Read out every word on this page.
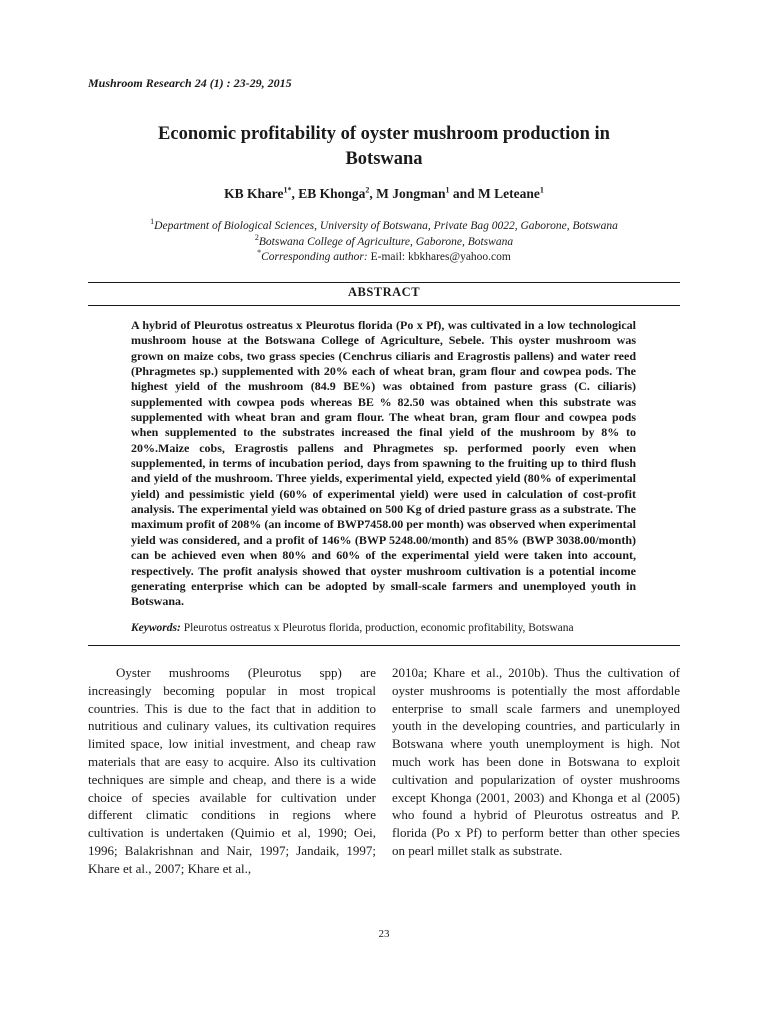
Mushroom Research 24 (1) : 23-29, 2015
Economic profitability of oyster mushroom production in
Botswana
KB Khare$^{1*}$, EB Khonga$^2$, M Jongman$^1$ and M Leteane$^1$
$^1$Department of Biological Sciences, University of Botswana, Private Bag 0022, Gaborone, Botswana
$^2$Botswana College of Agriculture, Gaborone, Botswana
*Corresponding author: E-mail: kbkhares@yahoo.com
ABSTRACT
A hybrid of Pleurotus ostreatus x Pleurotus florida (Po x Pf), was cultivated in a low technological mushroom house at the Botswana College of Agriculture, Sebele. This oyster mushroom was grown on maize cobs, two grass species (Cenchrus ciliaris and Eragrostis pallens) and water reed (Phragmetes sp.) supplemented with 20% each of wheat bran, gram flour and cowpea pods. The highest yield of the mushroom (84.9 BE%) was obtained from pasture grass (C. ciliaris) supplemented with cowpea pods whereas BE % 82.50 was obtained when this substrate was supplemented with wheat bran and gram flour. The wheat bran, gram flour and cowpea pods when supplemented to the substrates increased the final yield of the mushroom by 8% to 20%.Maize cobs, Eragrostis pallens and Phragmetes sp. performed poorly even when supplemented, in terms of incubation period, days from spawning to the fruiting up to third flush and yield of the mushroom. Three yields, experimental yield, expected yield (80% of experimental yield) and pessimistic yield (60% of experimental yield) were used in calculation of cost-profit analysis. The experimental yield was obtained on 500 Kg of dried pasture grass as a substrate. The maximum profit of 208% (an income of BWP7458.00 per month) was observed when experimental yield was considered, and a profit of 146% (BWP 5248.00/month) and 85% (BWP 3038.00/month) can be achieved even when 80% and 60% of the experimental yield were taken into account, respectively. The profit analysis showed that oyster mushroom cultivation is a potential income generating enterprise which can be adopted by small-scale farmers and unemployed youth in Botswana.
Keywords: Pleurotus ostreatus x Pleurotus florida, production, economic profitability, Botswana
Oyster mushrooms (Pleurotus spp) are increasingly becoming popular in most tropical countries. This is due to the fact that in addition to nutritious and culinary values, its cultivation requires limited space, low initial investment, and cheap raw materials that are easy to acquire. Also its cultivation techniques are simple and cheap, and there is a wide choice of species available for cultivation under different climatic conditions in regions where cultivation is undertaken (Quimio et al, 1990; Oei, 1996; Balakrishnan and Nair, 1997; Jandaik, 1997; Khare et al., 2007; Khare et al.,
2010a; Khare et al., 2010b). Thus the cultivation of oyster mushrooms is potentially the most affordable enterprise to small scale farmers and unemployed youth in the developing countries, and particularly in Botswana where youth unemployment is high. Not much work has been done in Botswana to exploit cultivation and popularization of oyster mushrooms except Khonga (2001, 2003) and Khonga et al (2005) who found a hybrid of Pleurotus ostreatus and P. florida (Po x Pf) to perform better than other species on pearl millet stalk as substrate.
23
